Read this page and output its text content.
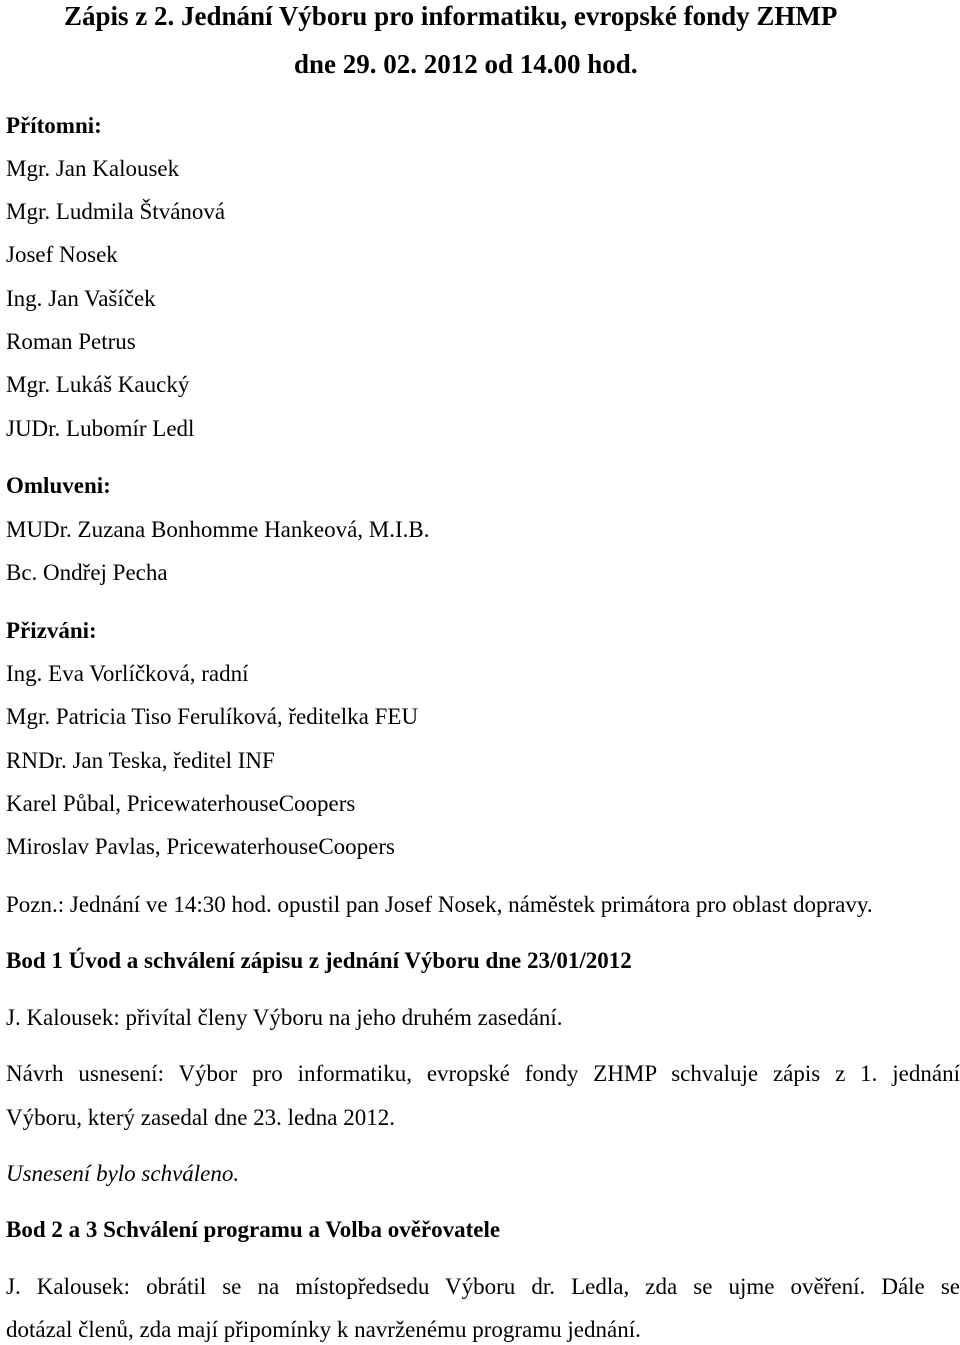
Zápis z 2. Jednání Výboru pro informatiku, evropské fondy ZHMP
dne 29. 02. 2012 od 14.00 hod.
Přítomni:
Mgr. Jan Kalousek
Mgr. Ludmila Štvánová
Josef Nosek
Ing. Jan Vašíček
Roman Petrus
Mgr. Lukáš Kaucký
JUDr. Lubomír Ledl
Omluveni:
MUDr. Zuzana Bonhomme Hankeová, M.I.B.
Bc. Ondřej Pecha
Přizváni:
Ing. Eva Vorlíčková, radní
Mgr. Patricia Tiso Ferulíková, ředitelka FEU
RNDr. Jan Teska, ředitel INF
Karel Půbal, PricewaterhouseCoopers
Miroslav Pavlas, PricewaterhouseCoopers
Pozn.: Jednání ve 14:30 hod. opustil pan Josef Nosek, náměstek primátora pro oblast dopravy.
Bod 1 Úvod a schválení zápisu z jednání Výboru dne 23/01/2012
J. Kalousek: přivítal členy Výboru na jeho druhém zasedání.
Návrh usnesení: Výbor pro informatiku, evropské fondy ZHMP schvaluje zápis z 1. jednání
Výboru, který zasedal dne 23. ledna 2012.
Usnesení bylo schváleno.
Bod 2 a 3 Schválení programu a Volba ověřovatele
J. Kalousek: obrátil se na místopředsedu Výboru dr. Ledla, zda se ujme ověření. Dále se
dotázal členů, zda mají připomínky k navrženému programu jednání.
